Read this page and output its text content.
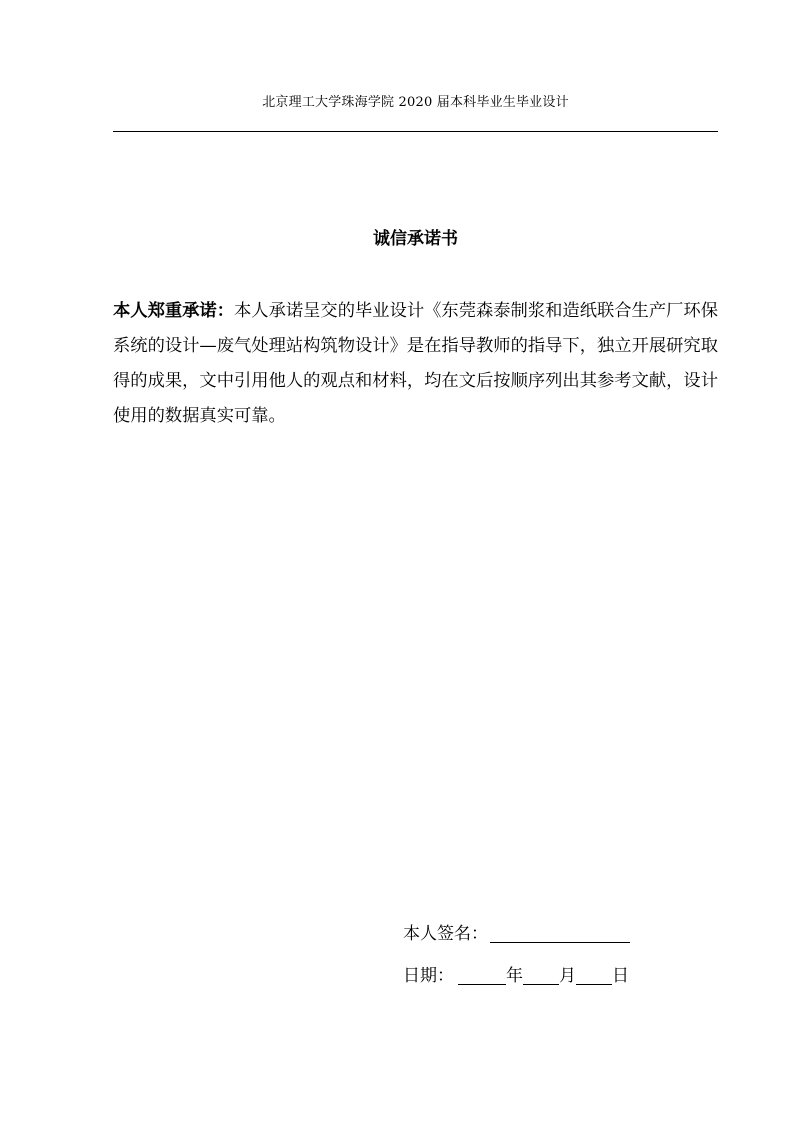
北京理工大学珠海学院 2020 届本科毕业生毕业设计
诚信承诺书

本人郑重承诺：本人承诺呈交的毕业设计《东莞森泰制浆和造纸联合生产厂环保系统的设计—废气处理站构筑物设计》是在指导教师的指导下，独立开展研究取得的成果，文中引用他人的观点和材料，均在文后按顺序列出其参考文献，设计使用的数据真实可靠。

本人签名：
日期：	年 月 日
